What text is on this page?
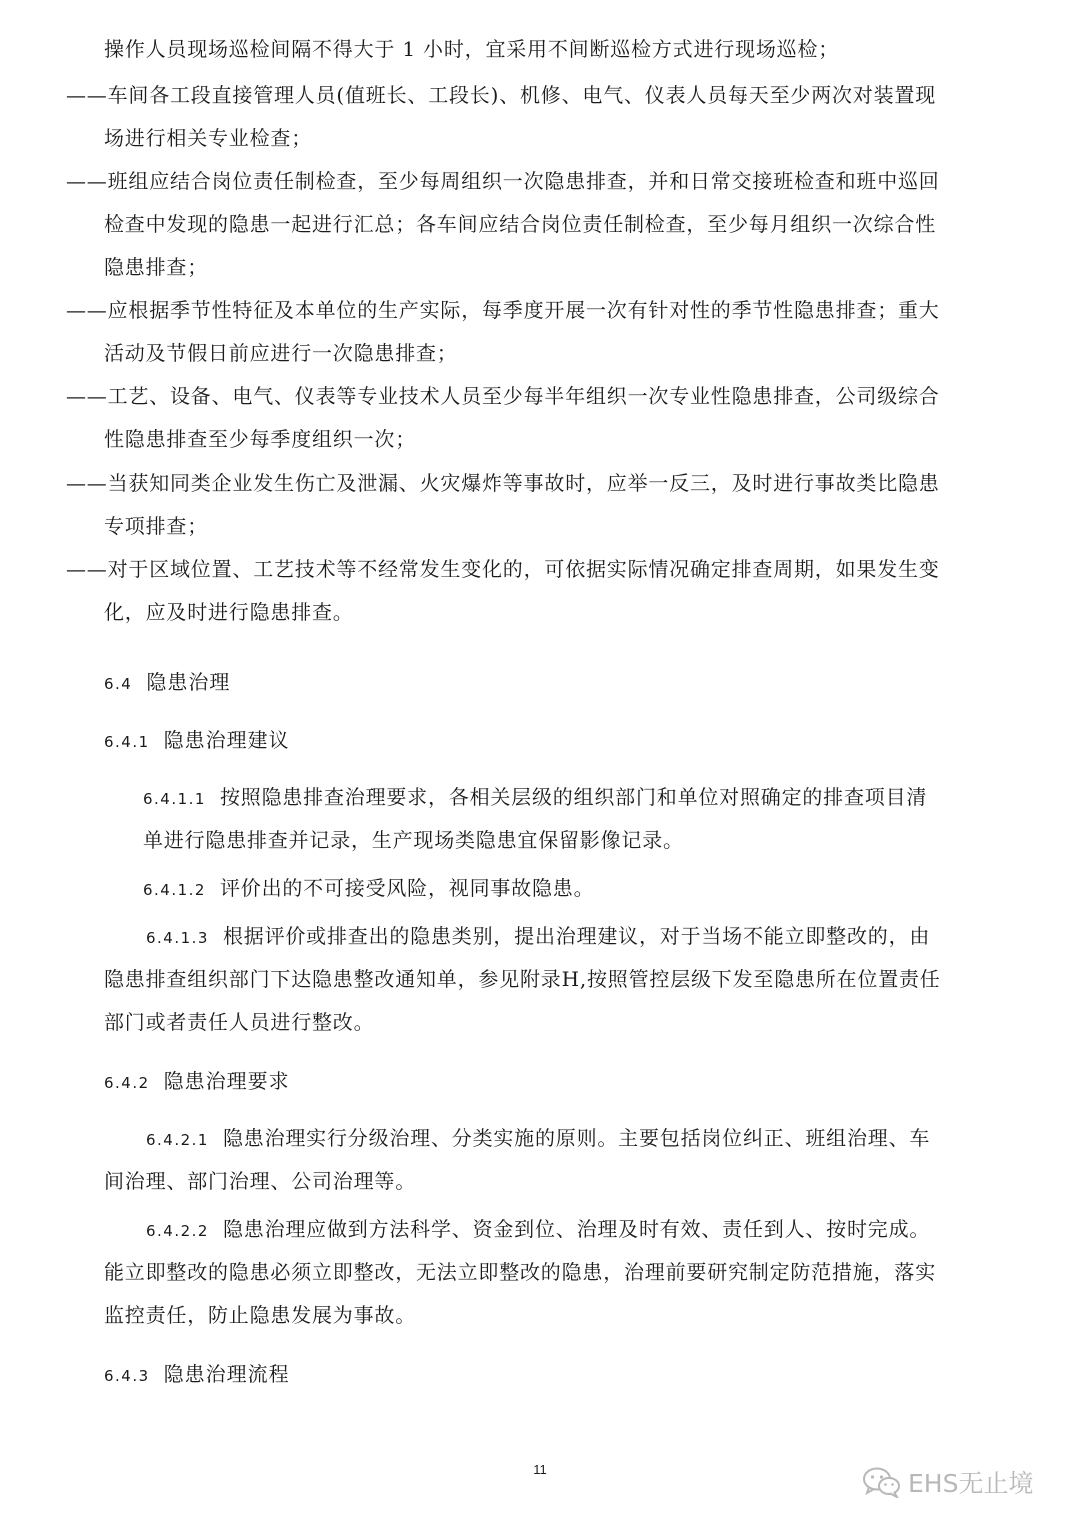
操作人员现场巡检间隔不得大于 1 小时，宜采用不间断巡检方式进行现场巡检；
——车间各工段直接管理人员(值班长、工段长)、机修、电气、仪表人员每天至少两次对装置现
场进行相关专业检查；
——班组应结合岗位责任制检查，至少每周组织一次隐患排查，并和日常交接班检查和班中巡回
检查中发现的隐患一起进行汇总；各车间应结合岗位责任制检查，至少每月组织一次综合性
隐患排查；
——应根据季节性特征及本单位的生产实际，每季度开展一次有针对性的季节性隐患排查；重大
活动及节假日前应进行一次隐患排查；
——工艺、设备、电气、仪表等专业技术人员至少每半年组织一次专业性隐患排查，公司级综合
性隐患排查至少每季度组织一次；
——当获知同类企业发生伤亡及泄漏、火灾爆炸等事故时，应举一反三，及时进行事故类比隐患
专项排查；
——对于区域位置、工艺技术等不经常发生变化的，可依据实际情况确定排查周期，如果发生变
化，应及时进行隐患排查。
6.4 隐患治理
6.4.1 隐患治理建议
6.4.1.1 按照隐患排查治理要求，各相关层级的组织部门和单位对照确定的排查项目清
单进行隐患排查并记录，生产现场类隐患宜保留影像记录。
6.4.1.2 评价出的不可接受风险，视同事故隐患。
6.4.1.3 根据评价或排查出的隐患类别，提出治理建议，对于当场不能立即整改的，由
隐患排查组织部门下达隐患整改通知单，参见附录H,按照管控层级下发至隐患所在位置责任
部门或者责任人员进行整改。
6.4.2 隐患治理要求
6.4.2.1 隐患治理实行分级治理、分类实施的原则。主要包括岗位纠正、班组治理、车
间治理、部门治理、公司治理等。
6.4.2.2 隐患治理应做到方法科学、资金到位、治理及时有效、责任到人、按时完成。
能立即整改的隐患必须立即整改，无法立即整改的隐患，治理前要研究制定防范措施，落实
监控责任，防止隐患发展为事故。
6.4.3 隐患治理流程
11	EHS无止境
